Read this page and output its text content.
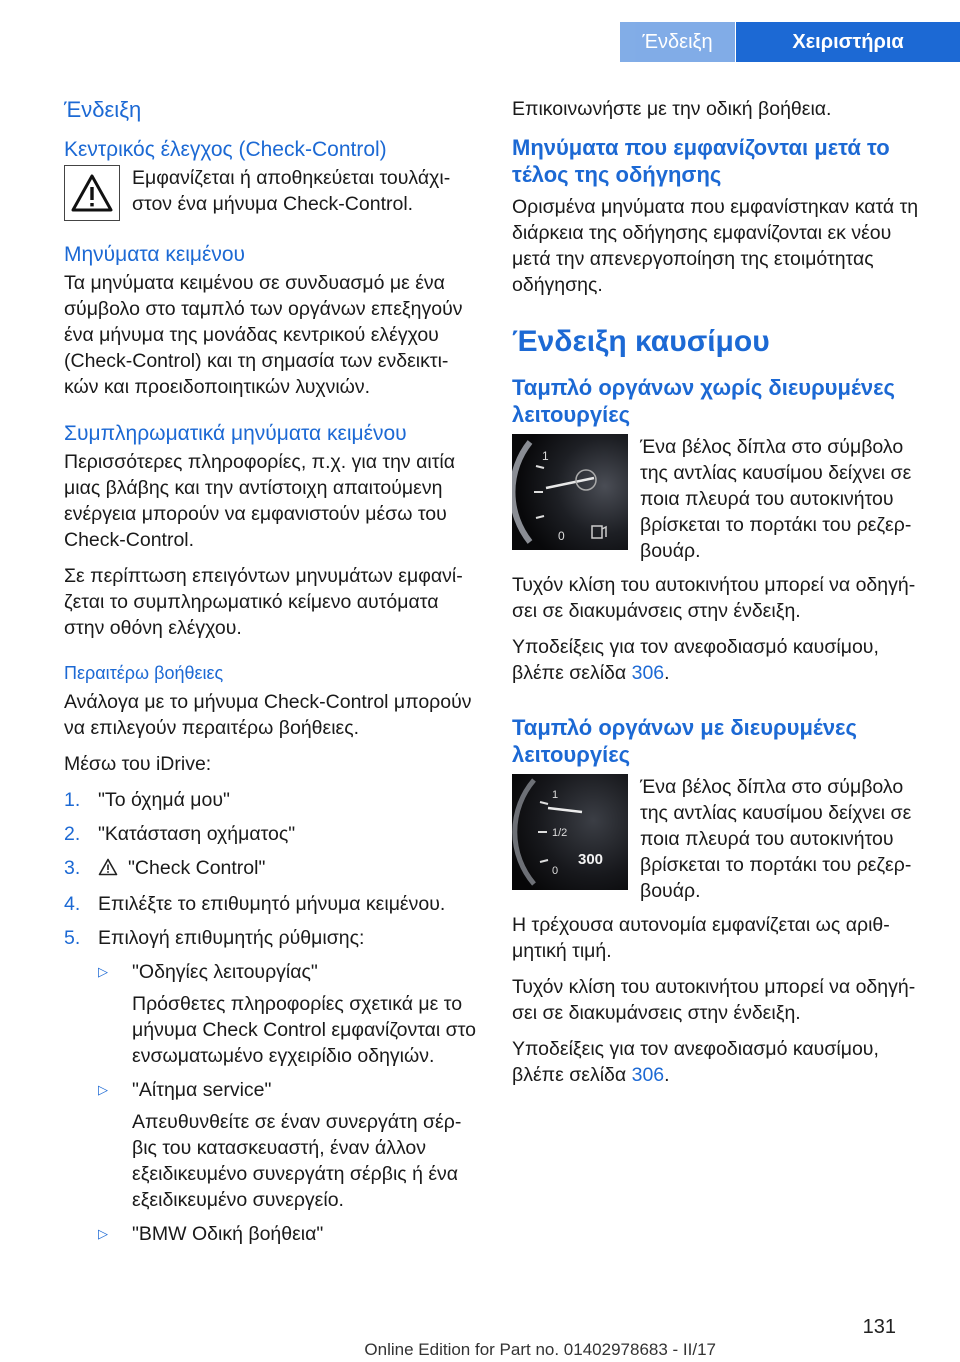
Ένδειξη	Χειριστήρια
Ένδειξη
Κεντρικός έλεγχος (Check-Control)
Εμφανίζεται ή αποθηκεύεται τουλάχιστον ένα μήνυμα Check-Control.
Μηνύματα κειμένου
Τα μηνύματα κειμένου σε συνδυασμό με ένα σύμβολο στο ταμπλό των οργάνων επεξηγούν ένα μήνυμα της μονάδας κεντρικού ελέγχου (Check-Control) και τη σημασία των ενδεικτικών και προειδοποιητικών λυχνιών.
Συμπληρωματικά μηνύματα κειμένου
Περισσότερες πληροφορίες, π.χ. για την αιτία μιας βλάβης και την αντίστοιχη απαιτούμενη ενέργεια μπορούν να εμφανιστούν μέσω του Check-Control.
Σε περίπτωση επειγόντων μηνυμάτων εμφανίζεται το συμπληρωματικό κείμενο αυτόματα στην οθόνη ελέγχου.
Περαιτέρω βοήθειες
Ανάλογα με το μήνυμα Check-Control μπορούν να επιλεγούν περαιτέρω βοήθειες.
Μέσω του iDrive:
1. "Το όχημά μου"
2. "Κατάσταση οχήματος"
3.	"Check Control"
4. Επιλέξτε το επιθυμητό μήνυμα κειμένου.
5. Επιλογή επιθυμητής ρύθμισης:
▷	"Οδηγίες λειτουργίας"
Πρόσθετες πληροφορίες σχετικά με το μήνυμα Check Control εμφανίζονται στο ενσωματωμένο εγχειρίδιο οδηγιών.
▷	"Αίτημα service"
Απευθυνθείτε σε έναν συνεργάτη σέρβις του κατασκευαστή, έναν άλλον εξειδικευμένο συνεργάτη σέρβις ή ένα εξειδικευμένο συνεργείο.
▷	"BMW Οδική βοήθεια"
Επικοινωνήστε με την οδική βοήθεια.
Μηνύματα που εμφανίζονται μετά το τέλος της οδήγησης
Ορισμένα μηνύματα που εμφανίστηκαν κατά τη διάρκεια της οδήγησης εμφανίζονται εκ νέου μετά την απενεργοποίηση της ετοιμότητας οδήγησης.
Ένδειξη καυσίμου
Ταμπλό οργάνων χωρίς διευρυμένες λειτουργίες
1
0
Ένα βέλος δίπλα στο σύμβολο της αντλίας καυσίμου δείχνει σε ποια πλευρά του αυτοκινήτου βρίσκεται το πορτάκι του ρεζερβουάρ.
Τυχόν κλίση του αυτοκινήτου μπορεί να οδηγήσει σε διακυμάνσεις στην ένδειξη.
Υποδείξεις για τον ανεφοδιασμό καυσίμου, βλέπε σελίδα 306.
Ταμπλό οργάνων με διευρυμένες λειτουργίες
1
1/2
0
300
Ένα βέλος δίπλα στο σύμβολο της αντλίας καυσίμου δείχνει σε ποια πλευρά του αυτοκινήτου βρίσκεται το πορτάκι του ρεζερβουάρ.
Η τρέχουσα αυτονομία εμφανίζεται ως αριθμητική τιμή.
Τυχόν κλίση του αυτοκινήτου μπορεί να οδηγήσει σε διακυμάνσεις στην ένδειξη.
Υποδείξεις για τον ανεφοδιασμό καυσίμου, βλέπε σελίδα 306.
131
Online Edition for Part no. 01402978683 - II/17
